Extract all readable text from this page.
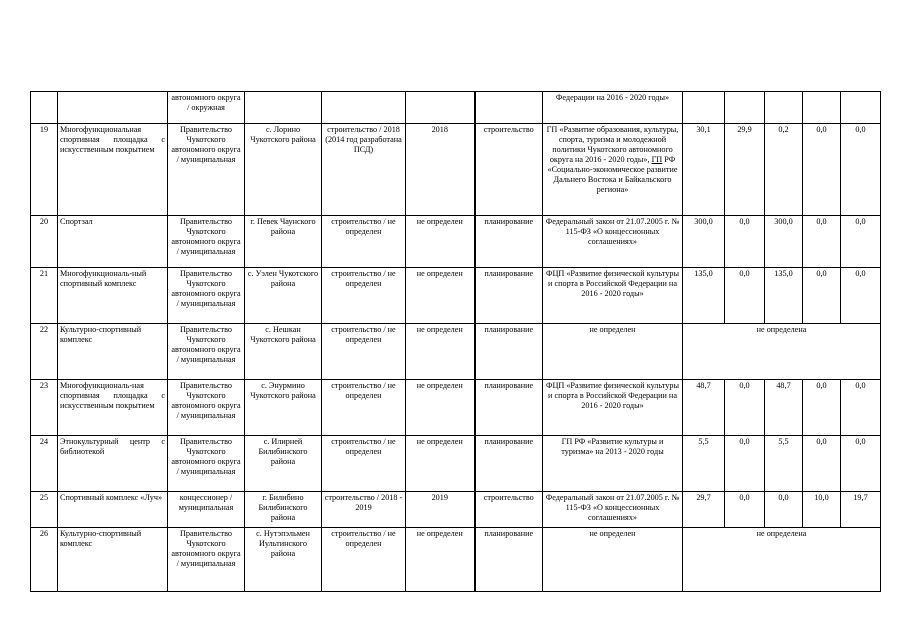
		автономного округа / окружная					Федерации на 2016 - 2020 годы»					
19	Многофункциональная спортивная площадка с искусственным покрытием	Правительство Чукотского автономного округа / муниципальная	с. Лорино Чукотского района	строительство / 2018 (2014 год разработана ПСД)	2018	строительство	ГП «Развитие образования, культуры, спорта, туризма и молодежной политики Чукотского автономного округа на 2016 - 2020 годы», ГП РФ «Социально-экономическое развитие Дальнего Востока и Байкальского региона»	30,1	29,9	0,2	0,0	0,0
20	Спортзал	Правительство Чукотского автономного округа / муниципальная	г. Певек Чаунского района	строительство / не определен	не определен	планирование	Федеральный закон от 21.07.2005 г. № 115-ФЗ «О концессионных соглашениях»	300,0	0,0	300,0	0,0	0,0
21	Многофункциональ-ный спортивный комплекс	Правительство Чукотского автономного округа / муниципальная	с. Уэлен Чукотского района	строительство / не определен	не определен	планирование	ФЦП «Развитие физической культуры и спорта в Российской Федерации на 2016 - 2020 годы»	135,0	0,0	135,0	0,0	0,0
22	Культурно-спортивный комплекс	Правительство Чукотского автономного округа / муниципальная	с. Нешкан Чукотского района	строительство / не определен	не определен	планирование	не определен	не определена				
23	Многофункциональ-ная спортивная площадка с искусственным покрытием	Правительство Чукотского автономного округа / муниципальная	с. Энурмино Чукотского района	строительство / не определен	не определен	планирование	ФЦП «Развитие физической культуры и спорта в Российской Федерации на 2016 - 2020 годы»	48,7	0,0	48,7	0,0	0,0
24	Этнокультурный центр с библиотекой	Правительство Чукотского автономного округа / муниципальная	с. Илирней Билибинского района	строительство / не определен	не определен	планирование	ГП РФ «Развитие культуры и туризма» на 2013 - 2020 годы	5,5	0,0	5,5	0,0	0,0
25	Спортивный комплекс «Луч»	концессионер / муниципальная	г. Билибино Билибинского района	строительство / 2018 - 2019	2019	строительство	Федеральный закон от 21.07.2005 г. № 115-ФЗ «О концессионных соглашениях»	29,7	0,0	0,0	10,0	19,7
26	Культурно-спортивный комплекс	Правительство Чукотского автономного округа / муниципальная	с. Нутэпэльмен Иультинского района	строительство / не определен	не определен	планирование	не определен	не определена				
